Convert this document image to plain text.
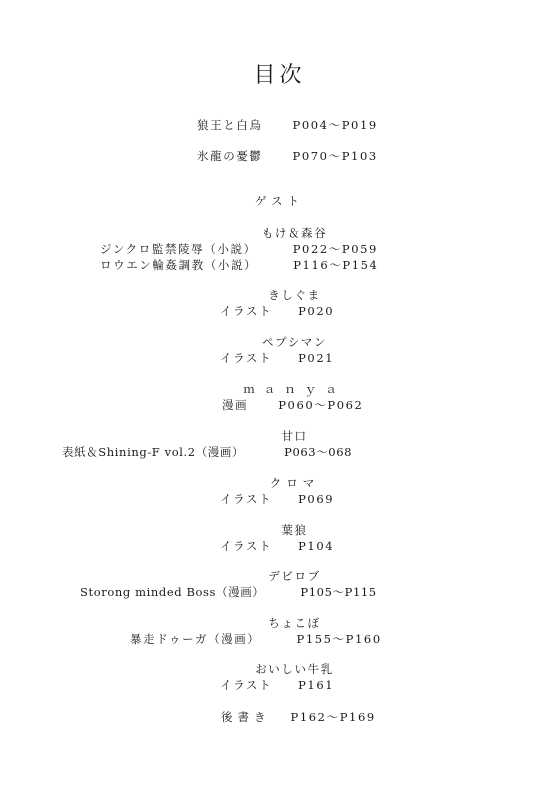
目次
狼王と白烏	P004〜P019
氷龍の憂鬱	P070〜P103
ゲスト
もけ＆森谷
ジンクロ監禁陵辱（小説）	P022〜P059
ロウエン輪姦調教（小説）	P116〜P154
きしぐま
イラスト P020
ペプシマン
イラスト P021
ｍａｎｙａ
漫画	P060〜P062
甘口
表紙＆Shining-F vol.2（漫画）	P063〜068
クロマ
イラスト P069
葉狼
イラスト P104
デビロブ
Storong minded Boss（漫画）	P105〜P115
ちょこぼ
暴走ドゥーガ（漫画）	P155〜P160
おいしい牛乳
イラスト P161
後書き P162〜P169
